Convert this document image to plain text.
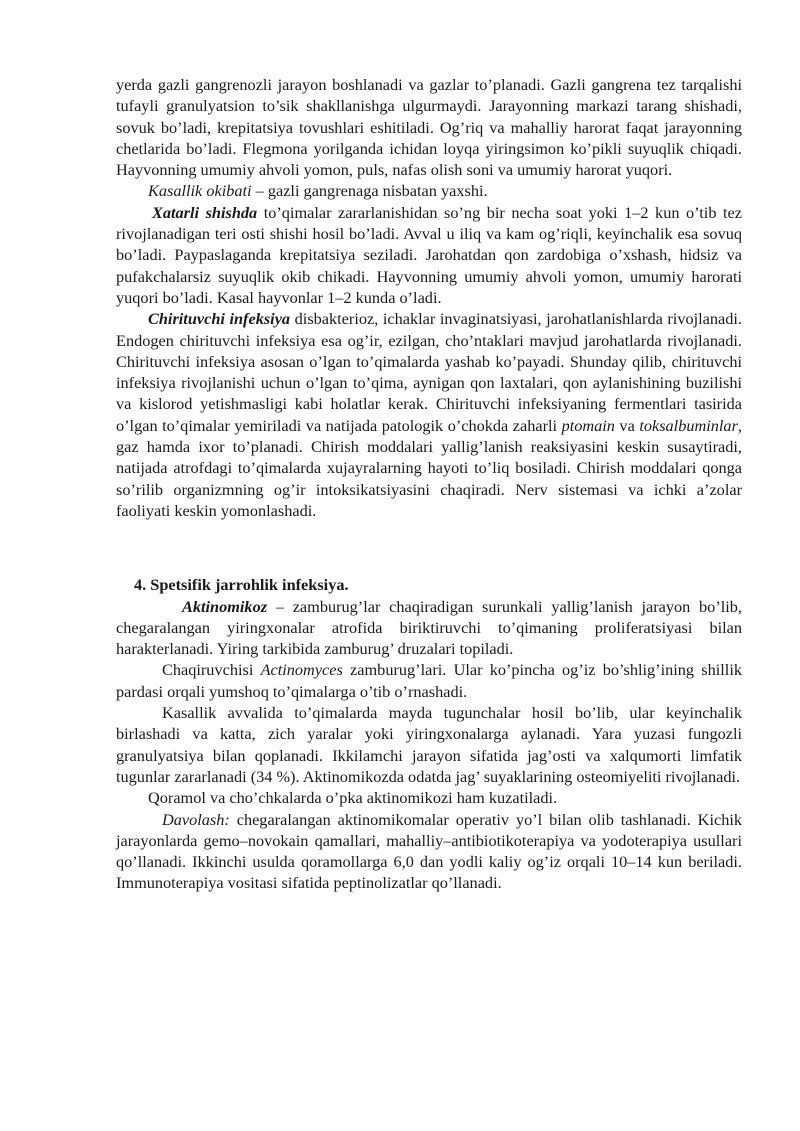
yerda gazli gangrenozli jarayon boshlanadi va gazlar to’planadi. Gazli gangrena tez tarqalishi tufayli granulyatsion to’sik shakllanishga ulgurmaydi. Jarayonning markazi tarang shishadi, sovuk bo’ladi, krepitatsiya tovushlari eshitiladi. Og’riq va mahalliy harorat faqat jarayonning chetlarida bo’ladi. Flegmona yorilganda ichidan loyqa yiringsimon ko’pikli suyuqlik chiqadi. Hayvonning umumiy ahvoli yomon, puls, nafas olish soni va umumiy harorat yuqori.

Kasallik okibati – gazli gangrenaga nisbatan yaxshi.

Xatarli shishda to’qimalar zararlanishidan so’ng bir necha soat yoki 1–2 kun o’tib tez rivojlanadigan teri osti shishi hosil bo’ladi. Avval u iliq va kam og’riqli, keyinchalik esa sovuq bo’ladi. Paypaslaganda krepitatsiya seziladi. Jarohatdan qon zardobiga o’xshash, hidsiz va pufakchalarsiz suyuqlik okib chikadi. Hayvonning umumiy ahvoli yomon, umumiy harorati yuqori bo’ladi. Kasal hayvonlar 1–2 kunda o’ladi.

Chirituvchi infeksiya disbakterioz, ichaklar invaginatsiyasi, jarohatlanishlarda rivojlanadi. Endogen chirituvchi infeksiya esa og’ir, ezilgan, cho’ntaklari mavjud jarohatlarda rivojlanadi. Chirituvchi infeksiya asosan o’lgan to’qimalarda yashab ko’payadi. Shunday qilib, chirituvchi infeksiya rivojlanishi uchun o’lgan to’qima, aynigan qon laxtalari, qon aylanishining buzilishi va kislorod yetishmasligi kabi holatlar kerak. Chirituvchi infeksiyaning fermentlari tasirida o’lgan to’qimalar yemiriladi va natijada patologik o’chokda zaharli ptomain va toksalbuminlar, gaz hamda ixor to’planadi. Chirish moddalari yallig’lanish reaksiyasini keskin susaytiradi, natijada atrofdagi to’qimalarda xujayralarning hayoti to’liq bosiladi. Chirish moddalari qonga so’rilib organizmning og’ir intoksikatsiyasini chaqiradi. Nerv sistemasi va ichki a’zolar faoliyati keskin yomonlashadi.

4. Spetsifik jarrohlik infeksiya.

Aktinomikoz – zamburug’lar chaqiradigan surunkali yallig’lanish jarayon bo’lib, chegaralangan yiringxonalar atrofida biriktiruvchi to’qimaning proliferatsiyasi bilan harakterlanadi. Yiring tarkibida zamburug’ druzalari topiladi.

Chaqiruvchisi Actinomyces zamburug’lari. Ular ko’pincha og’iz bo’shlig’ining shillik pardasi orqali yumshoq to’qimalarga o’tib o’rnashadi.

Kasallik avvalida to’qimalarda mayda tugunchalar hosil bo’lib, ular keyinchalik birlashadi va katta, zich yaralar yoki yiringxonalarga aylanadi. Yara yuzasi fungozli granulyatsiya bilan qoplanadi. Ikkilamchi jarayon sifatida jag’osti va xalqumorti limfatik tugunlar zararlanadi (34 %). Aktinomikozda odatda jag’ suyaklarining osteomiyeliti rivojlanadi.

Qoramol va cho’chkalarda o’pka aktinomikozi ham kuzatiladi.

Davolash: chegaralangan aktinomikomalar operativ yo’l bilan olib tashlanadi. Kichik jarayonlarda gemo–novokain qamallari, mahalliy–antibiotikoterapiya va yodoterapiya usullari qo’llanadi. Ikkinchi usulda qoramollarga 6,0 dan yodli kaliy og’iz orqali 10–14 kun beriladi. Immunoterapiya vositasi sifatida peptinolizatlar qo’llanadi.
